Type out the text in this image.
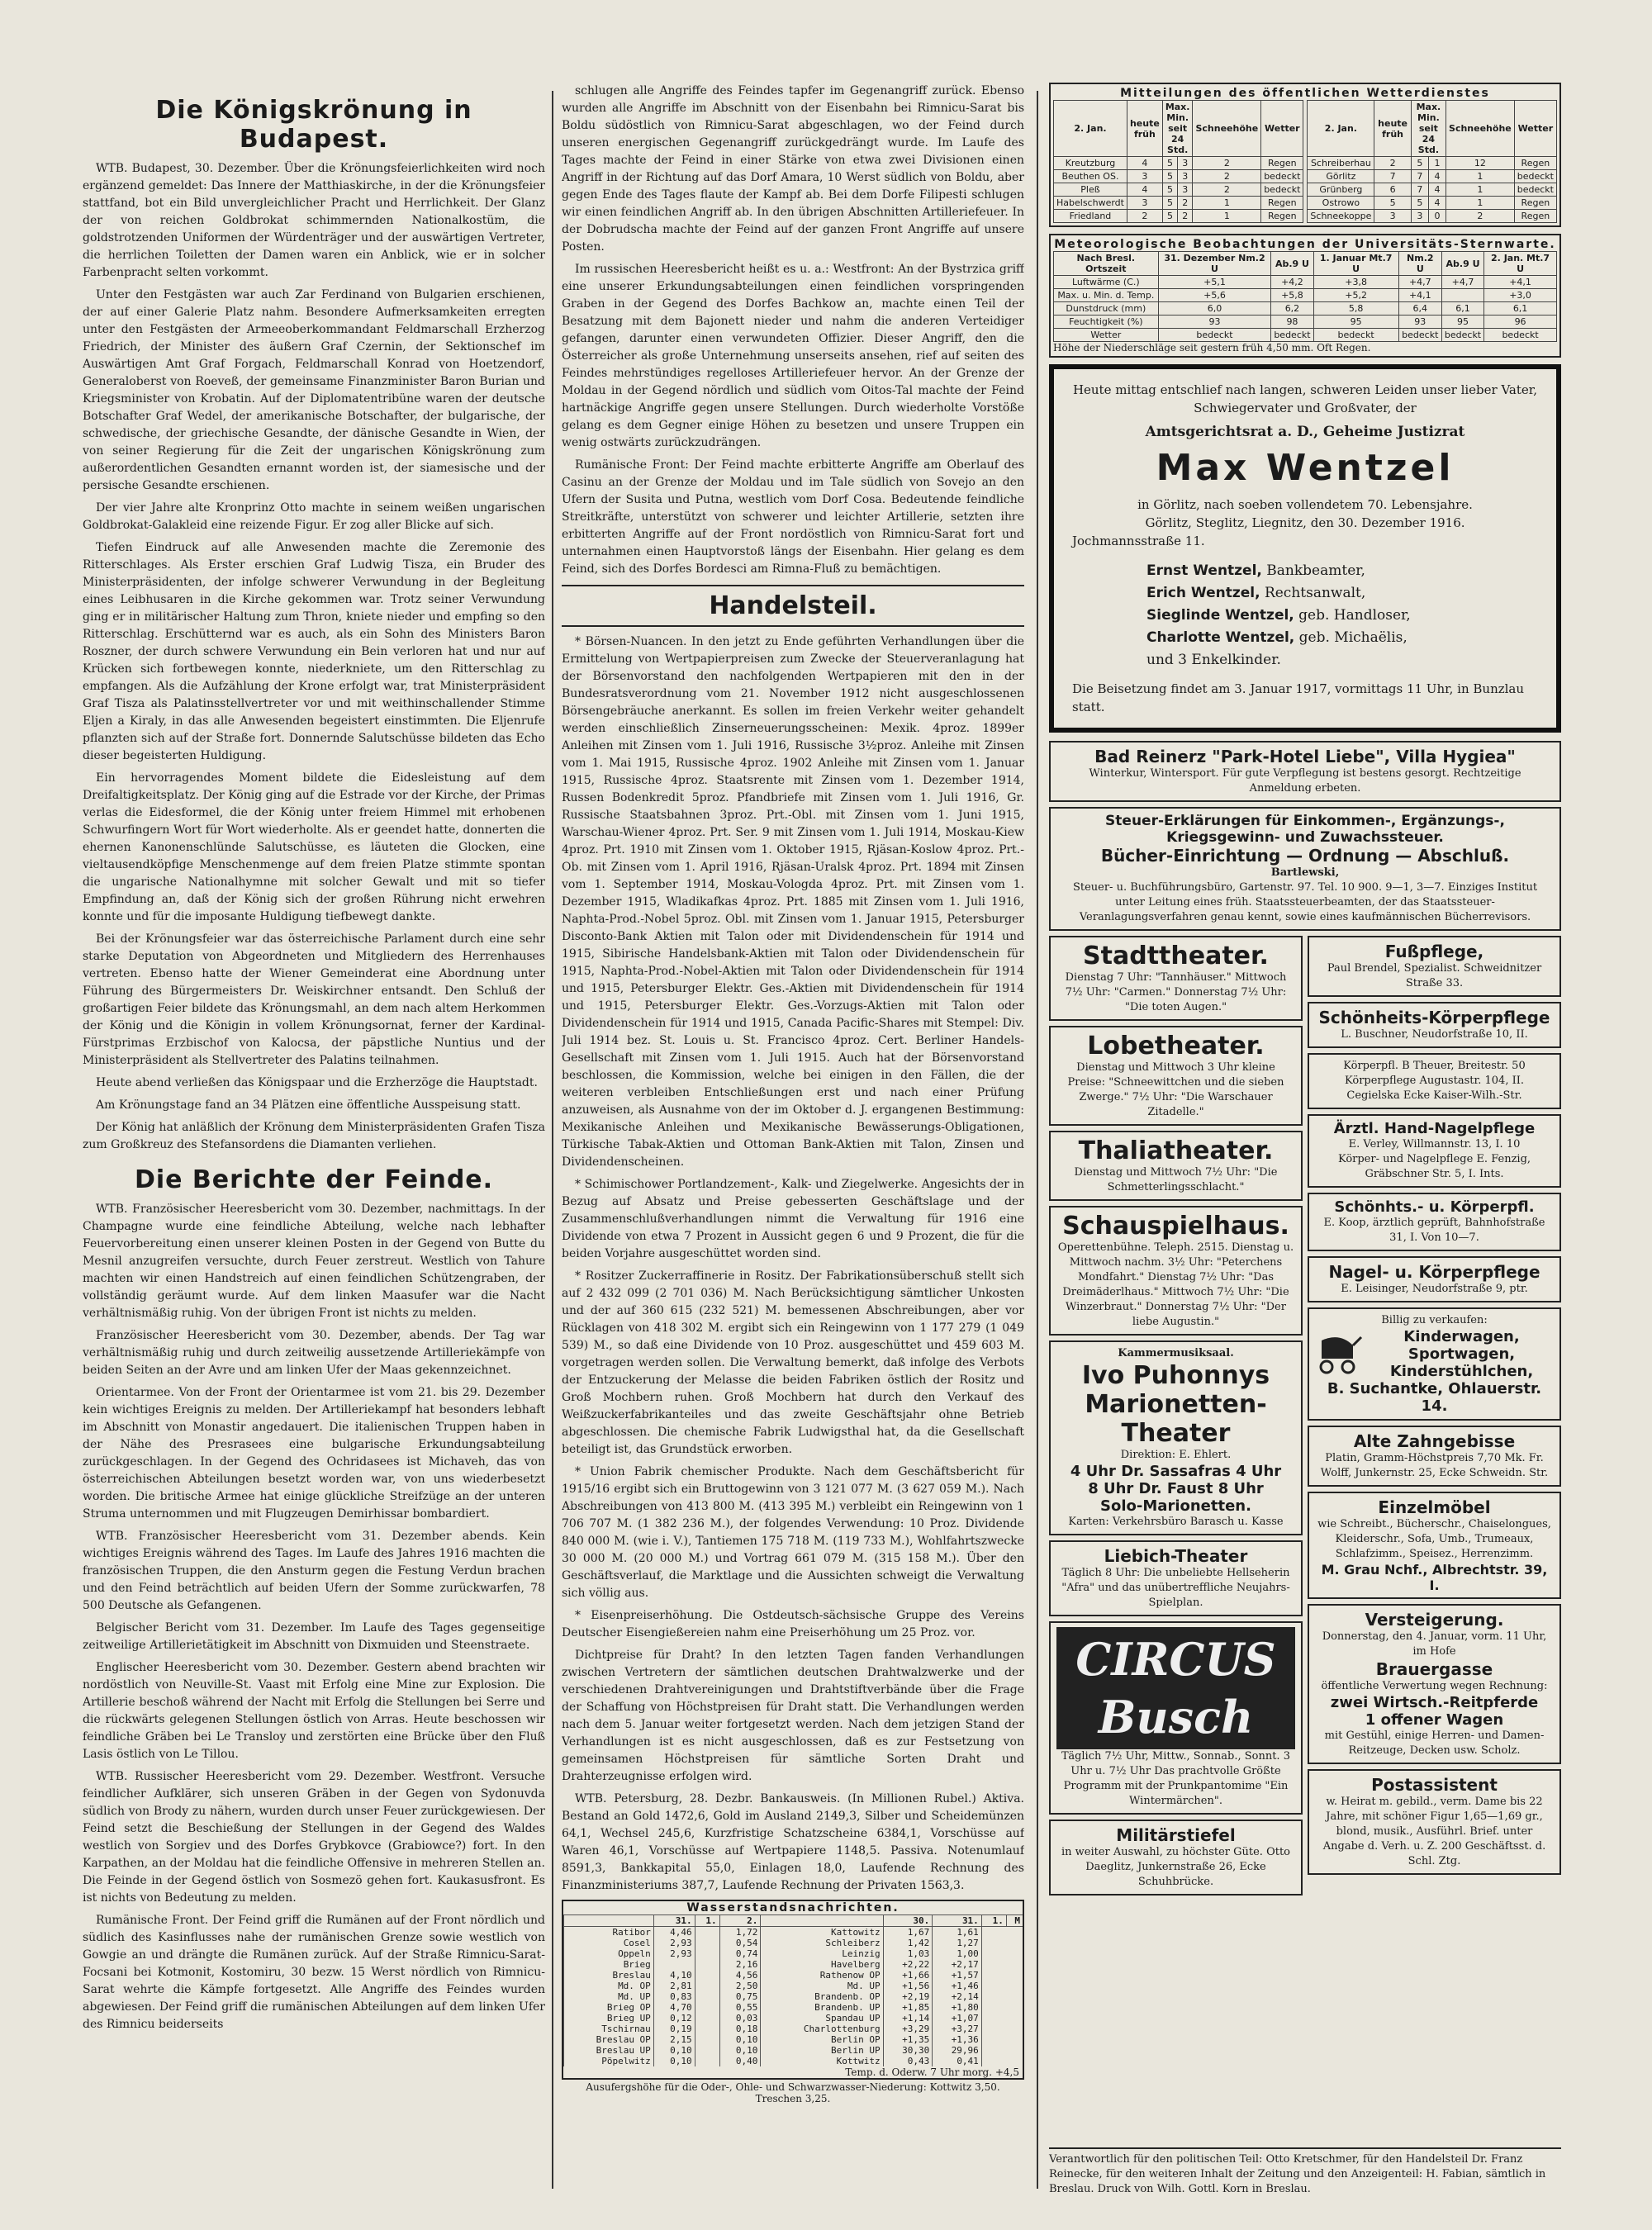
Die Königskrönung in Budapest.

WTB. Budapest, 30. Dezember. Über die Krönungsfeierlichkeiten wird noch ergänzend gemeldet: Das Innere der Matthiaskirche, in der die Krönungsfeier stattfand, bot ein Bild unvergleichlicher Pracht und Herrlichkeit. Der Glanz der von reichen Goldbrokat schimmernden Nationalkostüm, die goldstrotzenden Uniformen der Würdenträger und der auswärtigen Vertreter, die herrlichen Toiletten der Damen waren ein Anblick, wie er in solcher Farbenpracht selten vorkommt.

Unter den Festgästen war auch Zar Ferdinand von Bulgarien erschienen, der auf einer Galerie Platz nahm. Besondere Aufmerksamkeiten erregten unter den Festgästen der Armeeoberkommandant Feldmarschall Erzherzog Friedrich, der Minister des äußern Graf Czernin, der Sektionschef im Auswärtigen Amt Graf Forgach, Feldmarschall Konrad von Hoetzendorf, Generaloberst von Roeveß, der gemeinsame Finanzminister Baron Burian und Kriegsminister von Krobatin. Auf der Diplomatentribüne waren der deutsche Botschafter Graf Wedel, der amerikanische Botschafter, der bulgarische, der schwedische, der griechische Gesandte, der dänische Gesandte in Wien, der von seiner Regierung für die Zeit der ungarischen Königskrönung zum außerordentlichen Gesandten ernannt worden ist, der siamesische und der persische Gesandte erschienen.

Der vier Jahre alte Kronprinz Otto machte in seinem weißen ungarischen Goldbrokat-Galakleid eine reizende Figur. Er zog aller Blicke auf sich.

Tiefen Eindruck auf alle Anwesenden machte die Zeremonie des Ritterschlages. Als Erster erschien Graf Ludwig Tisza, ein Bruder des Ministerpräsidenten, der infolge schwerer Verwundung in der Begleitung eines Leibhusaren in die Kirche gekommen war. Trotz seiner Verwundung ging er in militärischer Haltung zum Thron, kniete nieder und empfing so den Ritterschlag. Erschütternd war es auch, als ein Sohn des Ministers Baron Roszner, der durch schwere Verwundung ein Bein verloren hat und nur auf Krücken sich fortbewegen konnte, niederkniete, um den Ritterschlag zu empfangen. Als die Aufzählung der Krone erfolgt war, trat Ministerpräsident Graf Tisza als Palatinsstellvertreter vor und mit weithinschallender Stimme Eljen a Kiraly, in das alle Anwesenden begeistert einstimmten. Die Eljenrufe pflanzten sich auf der Straße fort. Donnernde Salutschüsse bildeten das Echo dieser begeisterten Huldigung.

Ein hervorragendes Moment bildete die Eidesleistung auf dem Dreifaltigkeitsplatz. Der König ging auf die Estrade vor der Kirche, der Primas verlas die Eidesformel, die der König unter freiem Himmel mit erhobenen Schwurfingern Wort für Wort wiederholte. Als er geendet hatte, donnerten die ehernen Kanonenschlünde Salutschüsse, es läuteten die Glocken, eine vieltausendköpfige Menschenmenge auf dem freien Platze stimmte spontan die ungarische Nationalhymne mit solcher Gewalt und mit so tiefer Empfindung an, daß der König sich der großen Rührung nicht erwehren konnte und für die imposante Huldigung tiefbewegt dankte.

Bei der Krönungsfeier war das österreichische Parlament durch eine sehr starke Deputation von Abgeordneten und Mitgliedern des Herrenhauses vertreten. Ebenso hatte der Wiener Gemeinderat eine Abordnung unter Führung des Bürgermeisters Dr. Weiskirchner entsandt. Den Schluß der großartigen Feier bildete das Krönungsmahl, an dem nach altem Herkommen der König und die Königin in vollem Krönungsornat, ferner der Kardinal-Fürstprimas Erzbischof von Kalocsa, der päpstliche Nuntius und der Ministerpräsident als Stellvertreter des Palatins teilnahmen.

Heute abend verließen das Königspaar und die Erzherzöge die Hauptstadt.

Am Krönungstage fand an 34 Plätzen eine öffentliche Ausspeisung statt.

Der König hat anläßlich der Krönung dem Ministerpräsidenten Grafen Tisza zum Großkreuz des Stefansordens die Diamanten verliehen.

Die Berichte der Feinde.

WTB. Französischer Heeresbericht vom 30. Dezember, nachmittags. In der Champagne wurde eine feindliche Abteilung, welche nach lebhafter Feuervorbereitung einen unserer kleinen Posten in der Gegend von Butte du Mesnil anzugreifen versuchte, durch Feuer zerstreut. Westlich von Tahure machten wir einen Handstreich auf einen feindlichen Schützengraben, der vollständig geräumt wurde. Auf dem linken Maasufer war die Nacht verhältnismäßig ruhig. Von der übrigen Front ist nichts zu melden.

Französischer Heeresbericht vom 30. Dezember, abends. Der Tag war verhältnismäßig ruhig und durch zeitweilig aussetzende Artilleriekämpfe von beiden Seiten an der Avre und am linken Ufer der Maas gekennzeichnet.

Orientarmee. Von der Front der Orientarmee ist vom 21. bis 29. Dezember kein wichtiges Ereignis zu melden. Der Artilleriekampf hat besonders lebhaft im Abschnitt von Monastir angedauert. Die italienischen Truppen haben in der Nähe des Presrasees eine bulgarische Erkundungsabteilung zurückgeschlagen. In der Gegend des Ochridasees ist Michaveh, das von österreichischen Abteilungen besetzt worden war, von uns wiederbesetzt worden. Die britische Armee hat einige glückliche Streifzüge an der unteren Struma unternommen und mit Flugzeugen Demirhissar bombardiert.

WTB. Französischer Heeresbericht vom 31. Dezember abends. Kein wichtiges Ereignis während des Tages. Im Laufe des Jahres 1916 machten die französischen Truppen, die den Ansturm gegen die Festung Verdun brachen und den Feind beträchtlich auf beiden Ufern der Somme zurückwarfen, 78 500 Deutsche als Gefangenen.

Belgischer Bericht vom 31. Dezember. Im Laufe des Tages gegenseitige zeitweilige Artillerietätigkeit im Abschnitt von Dixmuiden und Steenstraete.

Englischer Heeresbericht vom 30. Dezember. Gestern abend brachten wir nordöstlich von Neuville-St. Vaast mit Erfolg eine Mine zur Explosion. Die Artillerie beschoß während der Nacht mit Erfolg die Stellungen bei Serre und die rückwärts gelegenen Stellungen östlich von Arras. Heute beschossen wir feindliche Gräben bei Le Transloy und zerstörten eine Brücke über den Fluß Lasis östlich von Le Tillou.

WTB. Russischer Heeresbericht vom 29. Dezember. Westfront. Versuche feindlicher Aufklärer, sich unseren Gräben in der Gegen von Sydonuvda südlich von Brody zu nähern, wurden durch unser Feuer zurückgewiesen. Der Feind setzt die Beschießung der Stellungen in der Gegend des Waldes westlich von Sorgiev und des Dorfes Grybkovce (Grabiowce?) fort. In den Karpathen, an der Moldau hat die feindliche Offensive in mehreren Stellen an. Die Feinde in der Gegend östlich von Sosmezö gehen fort. Kaukasusfront. Es ist nichts von Bedeutung zu melden.

Rumänische Front. Der Feind griff die Rumänen auf der Front nördlich und südlich des Kasinflusses nahe der rumänischen Grenze sowie westlich von Gowgie an und drängte die Rumänen zurück. Auf der Straße Rimnicu-Sarat-Focsani bei Kotmonit, Kostomiru, 30 bezw. 15 Werst nördlich von Rimnicu-Sarat wehrte die Kämpfe fortgesetzt. Alle Angriffe des Feindes wurden abgewiesen. Der Feind griff die rumänischen Abteilungen auf dem linken Ufer des Rimnicu beiderseits

schlugen alle Angriffe des Feindes tapfer im Gegenangriff zurück. Ebenso wurden alle Angriffe im Abschnitt von der Eisenbahn bei Rimnicu-Sarat bis Boldu südöstlich von Rimnicu-Sarat abgeschlagen, wo der Feind durch unseren energischen Gegenangriff zurückgedrängt wurde. Im Laufe des Tages machte der Feind in einer Stärke von etwa zwei Divisionen einen Angriff in der Richtung auf das Dorf Amara, 10 Werst südlich von Boldu, aber gegen Ende des Tages flaute der Kampf ab. Bei dem Dorfe Filipesti schlugen wir einen feindlichen Angriff ab. In den übrigen Abschnitten Artilleriefeuer. In der Dobrudscha machte der Feind auf der ganzen Front Angriffe auf unsere Posten.

Im russischen Heeresbericht heißt es u. a.: Westfront: An der Bystrzica griff eine unserer Erkundungsabteilungen einen feindlichen vorspringenden Graben in der Gegend des Dorfes Bachkow an, machte einen Teil der Besatzung mit dem Bajonett nieder und nahm die anderen Verteidiger gefangen, darunter einen verwundeten Offizier. Dieser Angriff, den die Österreicher als große Unternehmung unserseits ansehen, rief auf seiten des Feindes mehrstündiges regelloses Artilleriefeuer hervor. An der Grenze der Moldau in der Gegend nördlich und südlich vom Oitos-Tal machte der Feind hartnäckige Angriffe gegen unsere Stellungen. Durch wiederholte Vorstöße gelang es dem Gegner einige Höhen zu besetzen und unsere Truppen ein wenig ostwärts zurückzudrängen.

Rumänische Front: Der Feind machte erbitterte Angriffe am Oberlauf des Casinu an der Grenze der Moldau und im Tale südlich von Sovejo an den Ufern der Susita und Putna, westlich vom Dorf Cosa. Bedeutende feindliche Streitkräfte, unterstützt von schwerer und leichter Artillerie, setzten ihre erbitterten Angriffe auf der Front nordöstlich von Rimnicu-Sarat fort und unternahmen einen Hauptvorstoß längs der Eisenbahn. Hier gelang es dem Feind, sich des Dorfes Bordesci am Rimna-Fluß zu bemächtigen.

Handelsteil.

* Börsen-Nuancen. In den jetzt zu Ende geführten Verhandlungen über die Ermittelung von Wertpapierpreisen zum Zwecke der Steuerveranlagung hat der Börsenvorstand den nachfolgenden Wertpapieren mit den in der Bundesratsverordnung vom 21. November 1912 nicht ausgeschlossenen Börsengebräuche anerkannt. Es sollen im freien Verkehr weiter gehandelt werden einschließlich Zinserneuerungsscheinen: Mexik. 4proz. 1899er Anleihen mit Zinsen vom 1. Juli 1916, Russische 3½proz. Anleihe mit Zinsen vom 1. Mai 1915, Russische 4proz. 1902 Anleihe mit Zinsen vom 1. Januar 1915, Russische 4proz. Staatsrente mit Zinsen vom 1. Dezember 1914, Russen Bodenkredit 5proz. Pfandbriefe mit Zinsen vom 1. Juli 1916, Gr. Russische Staatsbahnen 3proz. Prt.-Obl. mit Zinsen vom 1. Juni 1915, Warschau-Wiener 4proz. Prt. Ser. 9 mit Zinsen vom 1. Juli 1914, Moskau-Kiew 4proz. Prt. 1910 mit Zinsen vom 1. Oktober 1915, Rjäsan-Koslow 4proz. Prt.-Ob. mit Zinsen vom 1. April 1916, Rjäsan-Uralsk 4proz. Prt. 1894 mit Zinsen vom 1. September 1914, Moskau-Vologda 4proz. Prt. mit Zinsen vom 1. Dezember 1915, Wladikafkas 4proz. Prt. 1885 mit Zinsen vom 1. Juli 1916, Naphta-Prod.-Nobel 5proz. Obl. mit Zinsen vom 1. Januar 1915, Petersburger Disconto-Bank Aktien mit Talon oder mit Dividendenschein für 1914 und 1915, Sibirische Handelsbank-Aktien mit Talon oder Dividendenschein für 1915, Naphta-Prod.-Nobel-Aktien mit Talon oder Dividendenschein für 1914 und 1915, Petersburger Elektr. Ges.-Aktien mit Dividendenschein für 1914 und 1915, Petersburger Elektr. Ges.-Vorzugs-Aktien mit Talon oder Dividendenschein für 1914 und 1915, Canada Pacific-Shares mit Stempel: Div. Juli 1914 bez. St. Louis u. St. Francisco 4proz. Cert. Berliner Handels-Gesellschaft mit Zinsen vom 1. Juli 1915. Auch hat der Börsenvorstand beschlossen, die Kommission, welche bei einigen in den Fällen, die der weiteren verbleiben Entschließungen erst und nach einer Prüfung anzuweisen, als Ausnahme von der im Oktober d. J. ergangenen Bestimmung: Mexikanische Anleihen und Mexikanische Bewässerungs-Obligationen, Türkische Tabak-Aktien und Ottoman Bank-Aktien mit Talon, Zinsen und Dividendenscheinen.

* Schimischower Portlandzement-, Kalk- und Ziegelwerke. Angesichts der in Bezug auf Absatz und Preise gebesserten Geschäftslage und der Zusammenschlußverhandlungen nimmt die Verwaltung für 1916 eine Dividende von etwa 7 Prozent in Aussicht gegen 6 und 9 Prozent, die für die beiden Vorjahre ausgeschüttet worden sind.

* Rositzer Zuckerraffinerie in Rositz. Der Fabrikationsüberschuß stellt sich auf 2 432 099 (2 701 036) M. Nach Berücksichtigung sämtlicher Unkosten und der auf 360 615 (232 521) M. bemessenen Abschreibungen, aber vor Rücklagen von 418 302 M. ergibt sich ein Reingewinn von 1 177 279 (1 049 539) M., so daß eine Dividende von 10 Proz. ausgeschüttet und 459 603 M. vorgetragen werden sollen. Die Verwaltung bemerkt, daß infolge des Verbots der Entzuckerung der Melasse die beiden Fabriken östlich der Rositz und Groß Mochbern ruhen. Groß Mochbern hat durch den Verkauf des Weißzuckerfabrikanteiles und das zweite Geschäftsjahr ohne Betrieb abgeschlossen. Die chemische Fabrik Ludwigsthal hat, da die Gesellschaft beteiligt ist, das Grundstück erworben.

* Union Fabrik chemischer Produkte. Nach dem Geschäftsbericht für 1915/16 ergibt sich ein Bruttogewinn von 3 121 077 M. (3 627 059 M.). Nach Abschreibungen von 413 800 M. (413 395 M.) verbleibt ein Reingewinn von 1 706 707 M. (1 382 236 M.), der folgendes Verwendung: 10 Proz. Dividende 840 000 M. (wie i. V.), Tantiemen 175 718 M. (119 733 M.), Wohlfahrtszwecke 30 000 M. (20 000 M.) und Vortrag 661 079 M. (315 158 M.). Über den Geschäftsverlauf, die Marktlage und die Aussichten schweigt die Verwaltung sich völlig aus.

* Eisenpreiserhöhung. Die Ostdeutsch-sächsische Gruppe des Vereins Deutscher Eisengießereien nahm eine Preiserhöhung um 25 Proz. vor.

Dichtpreise für Draht? In den letzten Tagen fanden Verhandlungen zwischen Vertretern der sämtlichen deutschen Drahtwalzwerke und der verschiedenen Drahtvereinigungen und Drahtstiftverbände über die Frage der Schaffung von Höchstpreisen für Draht statt. Die Verhandlungen werden nach dem 5. Januar weiter fortgesetzt werden. Nach dem jetzigen Stand der Verhandlungen ist es nicht ausgeschlossen, daß es zur Festsetzung von gemeinsamen Höchstpreisen für sämtliche Sorten Draht und Drahterzeugnisse erfolgen wird.

WTB. Petersburg, 28. Dezbr. Bankausweis. (In Millionen Rubel.) Aktiva. Bestand an Gold 1472,6, Gold im Ausland 2149,3, Silber und Scheidemünzen 64,1, Wechsel 245,6, Kurzfristige Schatzscheine 6384,1, Vorschüsse auf Waren 46,1, Vorschüsse auf Wertpapiere 1148,5. Passiva. Notenumlauf 8591,3, Bankkapital 55,0, Einlagen 18,0, Laufende Rechnung des Finanzministeriums 387,7, Laufende Rechnung der Privaten 1563,3.

Wasserstandsnachrichten.
	31.	1.	2.		30.	31.	1.	M
Ratibor	4,46		1,72	Kattowitz	1,67	1,61		
Cosel	2,93		0,54	Schleiberz	1,42	1,27		
Oppeln	2,93		0,74	Leinzig	1,03	1,00		
Brieg			2,16	Havelberg	+2,22	+2,17		
Breslau	4,10		4,56	Rathenow OP	+1,66	+1,57		
Md. OP	2,81		2,50	Md. UP	+1,56	+1,46		
Md. UP	0,83		0,75	Brandenb. OP	+2,19	+2,14		
Brieg OP	4,70		0,55	Brandenb. UP	+1,85	+1,80		
Brieg UP	0,12		0,03	Spandau UP	+1,14	+1,07		
Tschirnau	0,19		0,18	Charlottenburg	+3,29	+3,27		
Breslau OP	2,15		0,10	Berlin OP	+1,35	+1,36		
Breslau UP	0,10		0,10	Berlin UP	30,30	29,96		
Pöpelwitz	0,10		0,40	Kottwitz	0,43	0,41		
Temp. d. Oderw. 7 Uhr morg. +4,5
Ausufergshöhe für die Oder-, Ohle- und Schwarzwasser-Niederung: Kottwitz 3,50. Treschen 3,25.
Mitteilungen des öffentlichen Wetterdienstes
2. Jan.	heute früh	Max. Min. seit 24 Std.		Schneehöhe	Wetter
Kreutzburg	4	5	3	2	Regen
Beuthen OS.	3	5	3	2	bedeckt
Pleß	4	5	3	2	bedeckt
Habelschwerdt	3	5	2	1	Regen
Friedland	2	5	2	1	Regen
2. Jan.	heute früh	Max. Min. seit 24 Std.		Schneehöhe	Wetter
Schreiberhau	2	5	1	12	Regen
Görlitz	7	7	4	1	bedeckt
Grünberg	6	7	4	1	bedeckt
Ostrowo	5	5	4	1	Regen
Schneekoppe	3	3	0	2	Regen
Meteorologische Beobachtungen der Universitäts-Sternwarte.
Nach Bresl. Ortszeit	31. Dezember Nm.2 U	Ab.9 U	1. Januar Mt.7 U	Nm.2 U	Ab.9 U	2. Jan. Mt.7 U
Luftwärme (C.)	+5,1	+4,2	+3,8	+4,7	+4,7	+4,1
Max. u. Min. d. Temp.	+5,6	+5,8	+5,2	+4,1		+3,0
Dunstdruck (mm)	6,0	6,2	5,8	6,4	6,1	6,1
Feuchtigkeit (%)	93	98	95	93	95	96
Wetter	bedeckt	bedeckt	bedeckt	bedeckt	bedeckt	bedeckt
Höhe der Niederschläge seit gestern früh 4,50 mm. Oft Regen.
Heute mittag entschlief nach langen, schweren Leiden unser lieber Vater, Schwiegervater und Großvater, der
Amtsgerichtsrat a. D., Geheime Justizrat
Max Wentzel
in Görlitz, nach soeben vollendetem 70. Lebensjahre.
Görlitz, Steglitz, Liegnitz, den 30. Dezember 1916.
Jochmannsstraße 11.
Ernst Wentzel, Bankbeamter,
Erich Wentzel, Rechtsanwalt,
Sieglinde Wentzel, geb. Handloser,
Charlotte Wentzel, geb. Michaëlis,
und 3 Enkelkinder.
Die Beisetzung findet am 3. Januar 1917, vormittags 11 Uhr, in Bunzlau statt.
Bad Reinerz "Park-Hotel Liebe", Villa Hygiea"
Winterkur, Wintersport. Für gute Verpflegung ist bestens gesorgt. Rechtzeitige Anmeldung erbeten.
Steuer-Erklärungen für Einkommen-, Ergänzungs-, Kriegsgewinn- und Zuwachssteuer.
Bücher-Einrichtung — Ordnung — Abschluß.
Bartlewski,
Steuer- u. Buchführungsbüro, Gartenstr. 97. Tel. 10 900. 9—1, 3—7. Einziges Institut unter Leitung eines früh. Staatssteuerbeamten, der das Staatssteuer-Veranlagungsverfahren genau kennt, sowie eines kaufmännischen Bücherrevisors.
Stadttheater.
Dienstag 7 Uhr: "Tannhäuser." Mittwoch 7½ Uhr: "Carmen." Donnerstag 7½ Uhr: "Die toten Augen."
Lobetheater.
Dienstag und Mittwoch 3 Uhr kleine Preise: "Schneewittchen und die sieben Zwerge." 7½ Uhr: "Die Warschauer Zitadelle."
Thaliatheater.
Dienstag und Mittwoch 7½ Uhr: "Die Schmetterlingsschlacht."
Schauspielhaus.
Operettenbühne. Teleph. 2515. Dienstag u. Mittwoch nachm. 3½ Uhr: "Peterchens Mondfahrt." Dienstag 7½ Uhr: "Das Dreimäderlhaus." Mittwoch 7½ Uhr: "Die Winzerbraut." Donnerstag 7½ Uhr: "Der liebe Augustin."
Kammermusiksaal.
Ivo Puhonnys Marionetten-Theater
Direktion: E. Ehlert.
4 Uhr Dr. Sassafras 4 Uhr
8 Uhr Dr. Faust 8 Uhr
Solo-Marionetten.
Karten: Verkehrsbüro Barasch u. Kasse
Liebich-Theater
Täglich 8 Uhr: Die unbeliebte Hellseherin "Afra" und das unübertreffliche Neujahrs-Spielplan.
CIRCUS Busch
Täglich 7½ Uhr, Mittw., Sonnab., Sonnt. 3 Uhr u. 7½ Uhr Das prachtvolle Größte Programm mit der Prunkpantomime "Ein Wintermärchen".
Militärstiefel
in weiter Auswahl, zu höchster Güte. Otto Daeglitz, Junkernstraße 26, Ecke Schuhbrücke.
Fußpflege,
Paul Brendel, Spezialist. Schweidnitzer Straße 33.
Schönheits-Körperpflege
L. Buschner, Neudorfstraße 10, II.
Körperpfl. B Theuer, Breitestr. 50
Körperpflege Augustastr. 104, II.
Cegielska Ecke Kaiser-Wilh.-Str.
Ärztl. Hand-Nagelpflege
E. Verley, Willmannstr. 13, I. 10
Körper- und Nagelpflege E. Fenzig, Gräbschner Str. 5, I. Ints.
Schönhts.- u. Körperpfl.
E. Koop, ärztlich geprüft, Bahnhofstraße 31, I. Von 10—7.
Nagel- u. Körperpflege
E. Leisinger, Neudorfstraße 9, ptr.
Billig zu verkaufen:
Kinderwagen, Sportwagen, Kinderstühlchen,
B. Suchantke, Ohlauerstr. 14.
Alte Zahngebisse
Platin, Gramm-Höchstpreis 7,70 Mk. Fr. Wolff, Junkernstr. 25, Ecke Schweidn. Str.
Einzelmöbel
wie Schreibt., Bücherschr., Chaiselongues, Kleiderschr., Sofa, Umb., Trumeaux, Schlafzimm., Speisez., Herrenzimm.
M. Grau Nchf., Albrechtstr. 39, I.
Versteigerung.
Donnerstag, den 4. Januar, vorm. 11 Uhr, im Hofe
Brauergasse
öffentliche Verwertung wegen Rechnung:
zwei Wirtsch.-Reitpferde
1 offener Wagen
mit Gestühl, einige Herren- und Damen-Reitzeuge, Decken usw. Scholz.
Postassistent
w. Heirat m. gebild., verm. Dame bis 22 Jahre, mit schöner Figur 1,65—1,69 gr., blond, musik., Ausführl. Brief. unter Angabe d. Verh. u. Z. 200 Geschäftsst. d. Schl. Ztg.
Verantwortlich für den politischen Teil: Otto Kretschmer, für den Handelsteil Dr. Franz Reinecke, für den weiteren Inhalt der Zeitung und den Anzeigenteil: H. Fabian, sämtlich in Breslau. Druck von Wilh. Gottl. Korn in Breslau.
